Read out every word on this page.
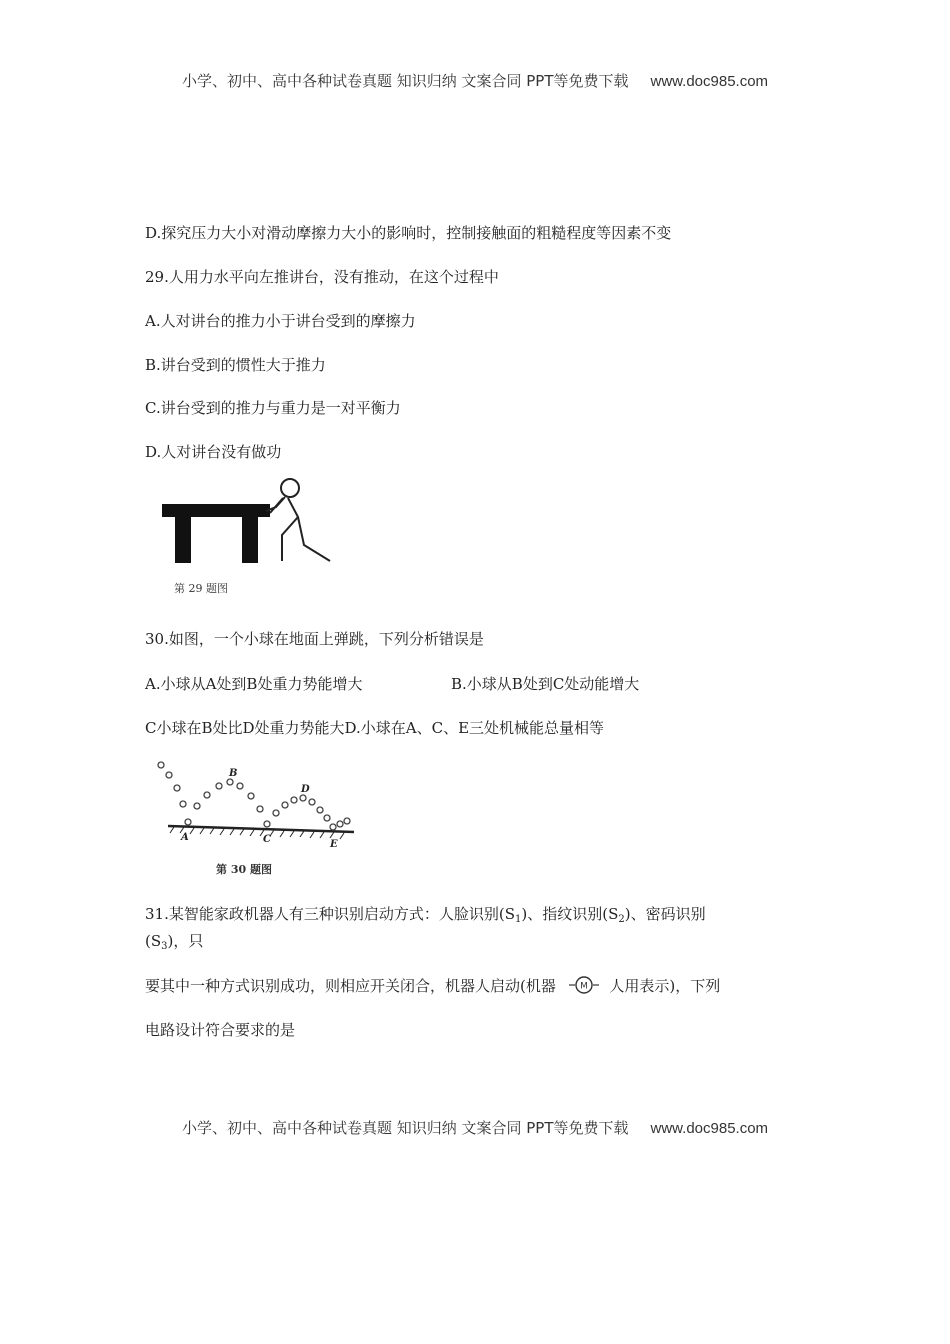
小学、初中、高中各种试卷真题 知识归纳 文案合同 PPT等免费下载 www.doc985.com
D.探究压力大小对滑动摩擦力大小的影响时，控制接触面的粗糙程度等因素不变
29.人用力水平向左推讲台，没有推动，在这个过程中
A.人对讲台的推力小于讲台受到的摩擦力
B.讲台受到的惯性大于推力
C.讲台受到的推力与重力是一对平衡力
D.人对讲台没有做功
第 29 题图
30.如图，一个小球在地面上弹跳，下列分析错误是
A.小球从A处到B处重力势能增大	B.小球从B处到C处动能增大
C小球在B处比D处重力势能大D.小球在A、C、E三处机械能总量相等
A
B
C
D
E
第 30 题图
31.某智能家政机器人有三种识别启动方式：人脸识别$(S_1)$、指纹识别$(S_2)$、密码识别
$(S_3)$，只
要其中一种方式识别成功，则相应开关闭合，机器人启动(机器	M 人用表示)，下列
电路设计符合要求的是
小学、初中、高中各种试卷真题 知识归纳 文案合同 PPT等免费下载 www.doc985.com
